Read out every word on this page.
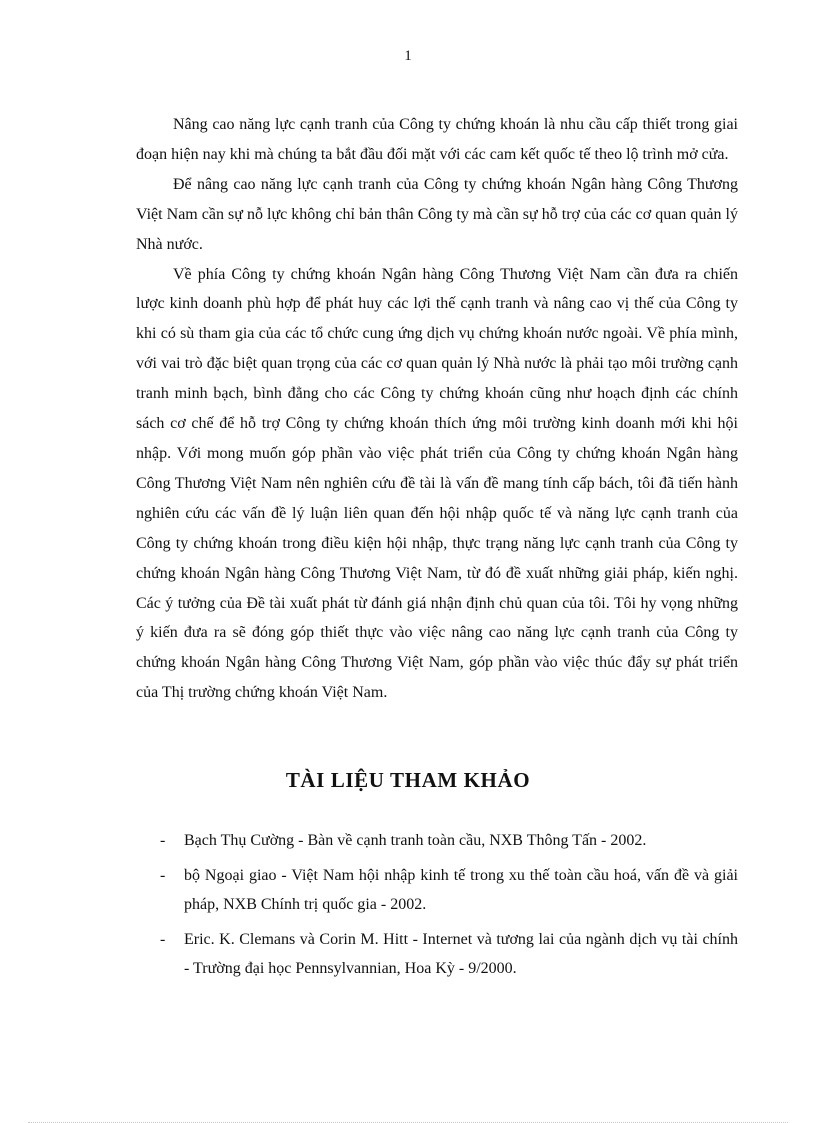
1

Nâng cao năng lực cạnh tranh của Công ty chứng khoán là nhu cầu cấp thiết trong giai đoạn hiện nay khi mà chúng ta bắt đầu đối mặt với các cam kết quốc tế theo lộ trình mở cửa.

Để nâng cao năng lực cạnh tranh của Công ty chứng khoán Ngân hàng Công Thương Việt Nam cần sự nỗ lực không chỉ bản thân Công ty mà cần sự hỗ trợ của các cơ quan quản lý Nhà nước.

Về phía Công ty chứng khoán Ngân hàng Công Thương Việt Nam cần đưa ra chiến lược kinh doanh phù hợp để phát huy các lợi thế cạnh tranh và nâng cao vị thế của Công ty khi có sù tham gia của các tổ chức cung ứng dịch vụ chứng khoán nước ngoài. Về phía mình, với vai trò đặc biệt quan trọng của các cơ quan quản lý Nhà nước là phải tạo môi trường cạnh tranh minh bạch, bình đẳng cho các Công ty chứng khoán cũng như hoạch định các chính sách cơ chế để hỗ trợ Công ty chứng khoán thích ứng môi trường kinh doanh mới khi hội nhập. Với mong muốn góp phần vào việc phát triển của Công ty chứng khoán Ngân hàng Công Thương Việt Nam nên nghiên cứu đề tài là vấn đề mang tính cấp bách, tôi đã tiến hành nghiên cứu các vấn đề lý luận liên quan đến hội nhập quốc tế và năng lực cạnh tranh của Công ty chứng khoán trong điều kiện hội nhập, thực trạng năng lực cạnh tranh của Công ty chứng khoán Ngân hàng Công Thương Việt Nam, từ đó đề xuất những giải pháp, kiến nghị. Các ý tưởng của Đề tài xuất phát từ đánh giá nhận định chủ quan của tôi. Tôi hy vọng những ý kiến đưa ra sẽ đóng góp thiết thực vào việc nâng cao năng lực cạnh tranh của Công ty chứng khoán Ngân hàng Công Thương Việt Nam, góp phần vào việc thúc đẩy sự phát triển của Thị trường chứng khoán Việt Nam.

TÀI LIỆU THAM KHẢO
- Bạch Thụ Cường - Bàn về cạnh tranh toàn cầu, NXB Thông Tấn - 2002.
- bộ Ngoại giao - Việt Nam hội nhập kinh tế trong xu thế toàn cầu hoá, vấn đề và giải pháp, NXB Chính trị quốc gia - 2002.
- Eric. K. Clemans và Corin M. Hitt - Internet và tương lai của ngành dịch vụ tài chính - Trường đại học Pennsylvannian, Hoa Kỳ - 9/2000.
